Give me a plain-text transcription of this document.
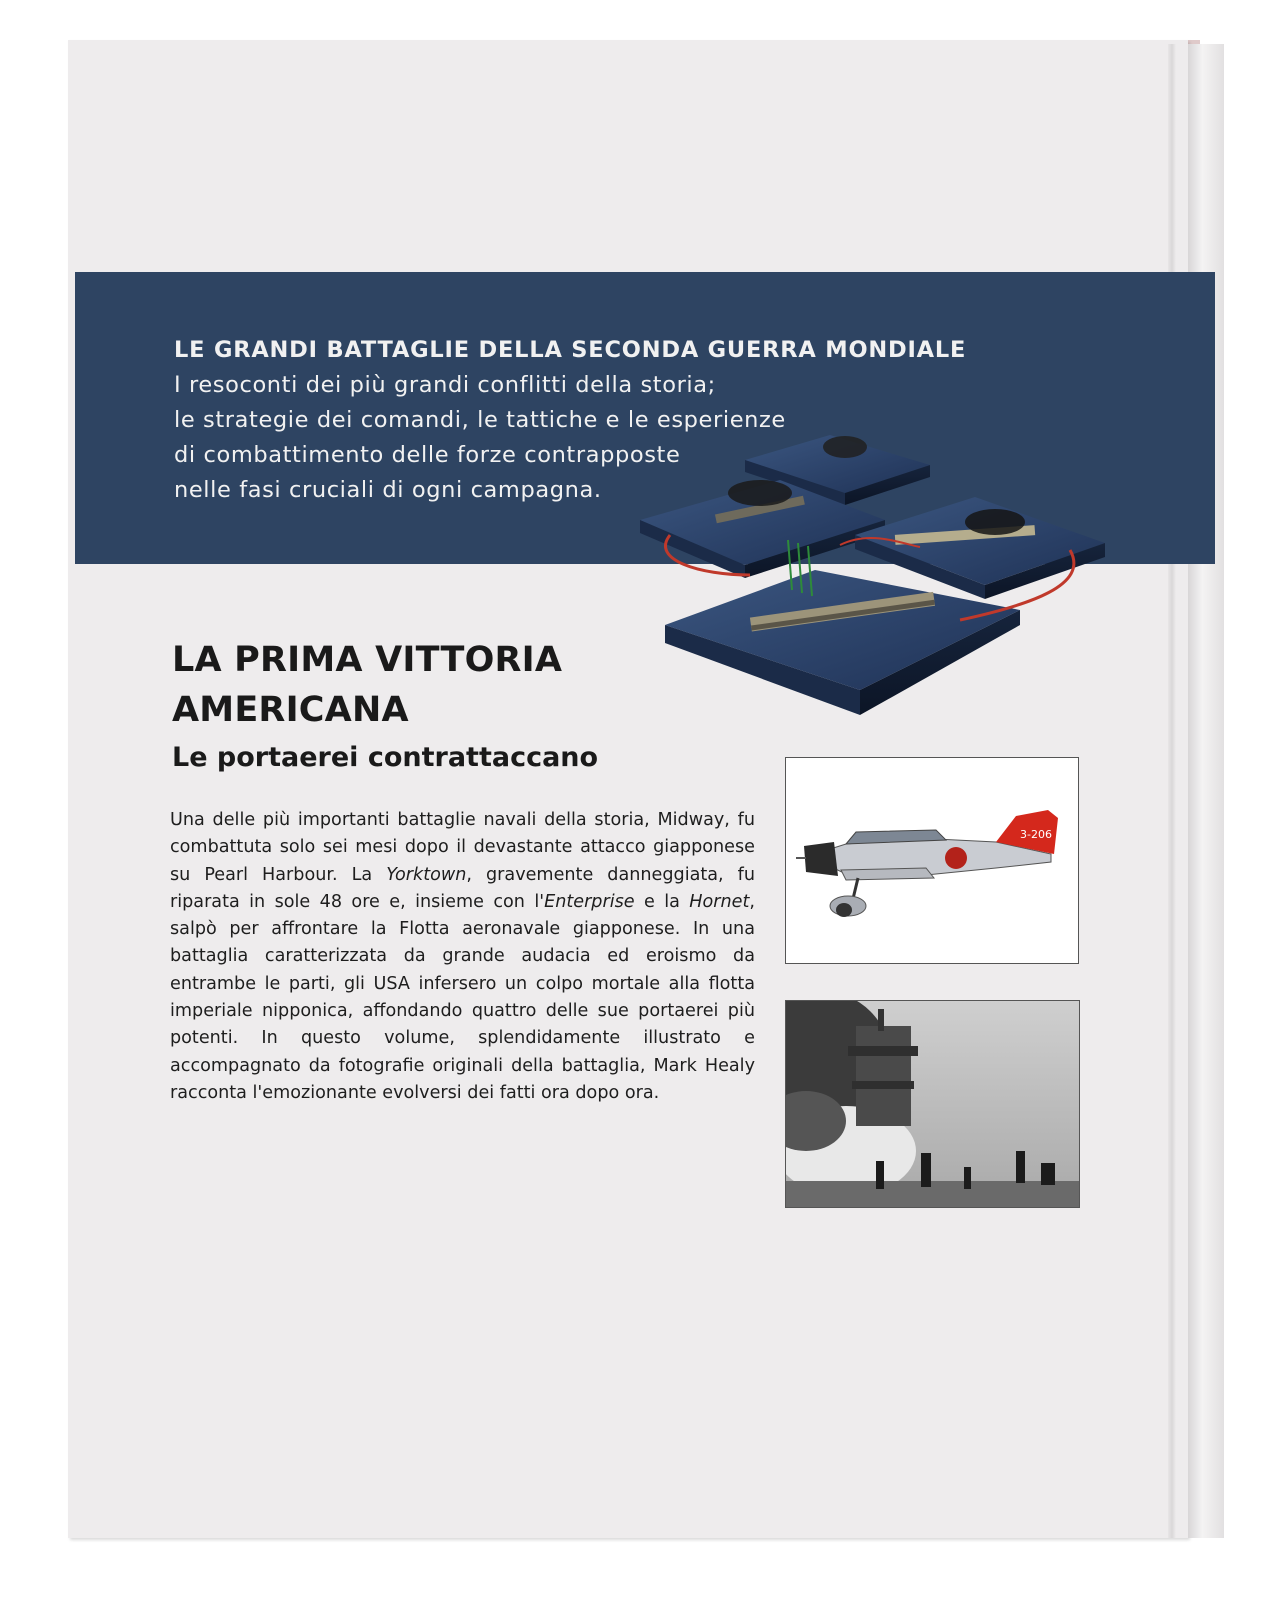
LE GRANDI BATTAGLIE DELLA SECONDA GUERRA MONDIALE
I resoconti dei più grandi conflitti della storia;
le strategie dei comandi, le tattiche e le esperienze
di combattimento delle forze contrapposte
nelle fasi cruciali di ogni campagna.
LA PRIMA VITTORIA
AMERICANA
Le portaerei contrattaccano
Una delle più importanti battaglie navali della storia, Midway, fu combattuta solo sei mesi dopo il devastante attacco giapponese su Pearl Harbour. La Yorktown, gravemente danneggiata, fu riparata in sole 48 ore e, insieme con l'Enterprise e la Hornet, salpò per affrontare la Flotta aeronavale giapponese. In una battaglia caratterizzata da grande audacia ed eroismo da entrambe le parti, gli USA infersero un colpo mortale alla flotta imperiale nipponica, affondando quattro delle sue portaerei più potenti. In questo volume, splendidamente illustrato e accompagnato da fotografie originali della battaglia, Mark Healy racconta l'emozionante evolversi dei fatti ora dopo ora.
3-206
